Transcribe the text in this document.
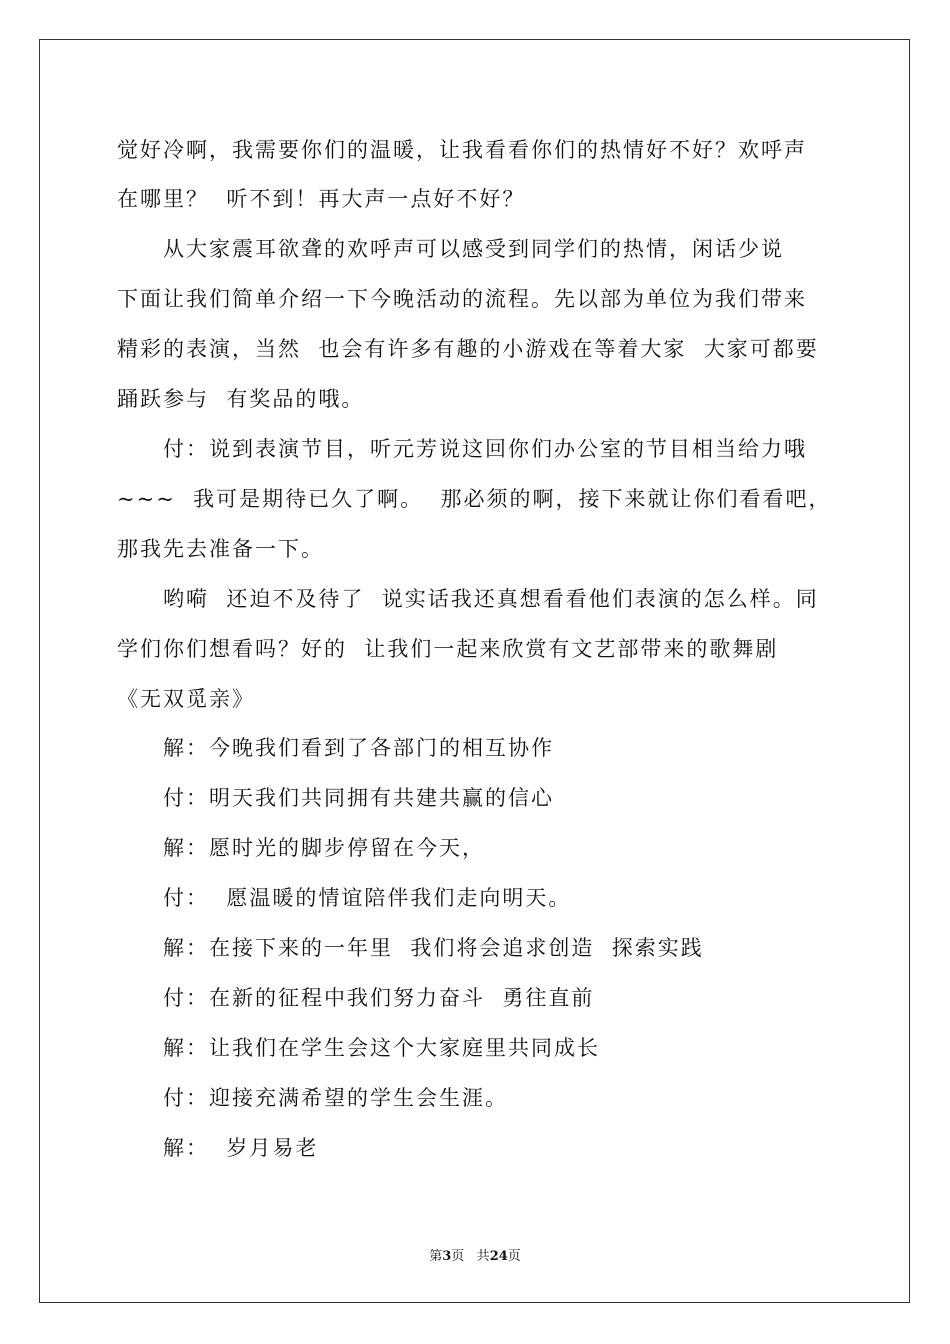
觉好冷啊，我需要你们的温暖，让我看看你们的热情好不好？欢呼声
在哪里？  听不到！再大声一点好不好？
从大家震耳欲聋的欢呼声可以感受到同学们的热情，闲话少说
下面让我们简单介绍一下今晚活动的流程。先以部为单位为我们带来
精彩的表演，当然  也会有许多有趣的小游戏在等着大家  大家可都要
踊跃参与  有奖品的哦。
付：说到表演节目，听元芳说这回你们办公室的节目相当给力哦
~~~  我可是期待已久了啊。  那必须的啊，接下来就让你们看看吧，
那我先去准备一下。
哟嗬  还迫不及待了  说实话我还真想看看他们表演的怎么样。同
学们你们想看吗？好的  让我们一起来欣赏有文艺部带来的歌舞剧
《无双觅亲》
解：今晚我们看到了各部门的相互协作
付：明天我们共同拥有共建共赢的信心
解：愿时光的脚步停留在今天，
付：  愿温暖的情谊陪伴我们走向明天。
解：在接下来的一年里  我们将会追求创造  探索实践
付：在新的征程中我们努力奋斗  勇往直前
解：让我们在学生会这个大家庭里共同成长
付：迎接充满希望的学生会生涯。
解：  岁月易老
第3页 共24页
